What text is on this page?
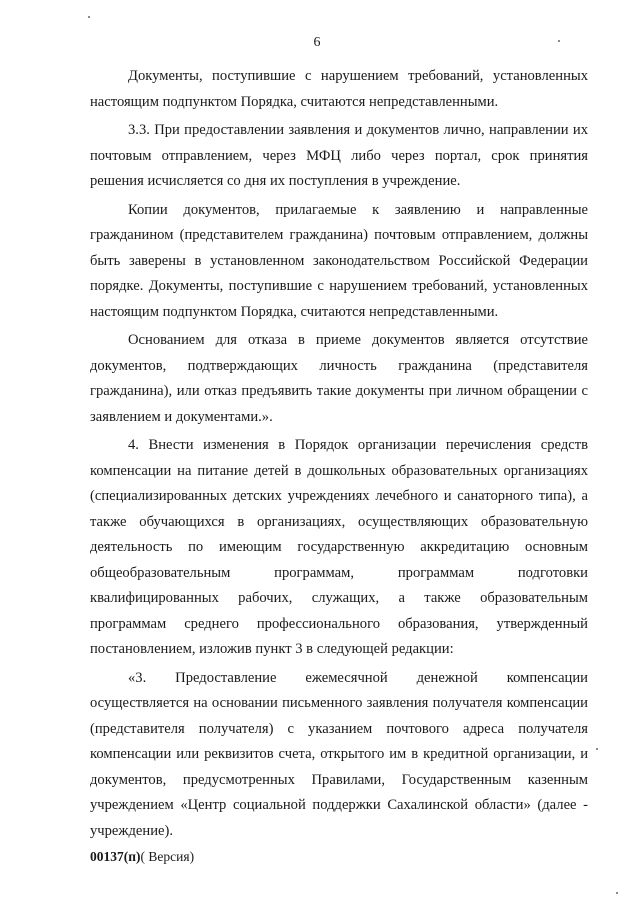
6

Документы, поступившие с нарушением требований, установленных настоящим подпунктом Порядка, считаются непредставленными.

3.3. При предоставлении заявления и документов лично, направлении их почтовым отправлением, через МФЦ либо через портал, срок принятия решения исчисляется со дня их поступления в учреждение.

Копии документов, прилагаемые к заявлению и направленные гражданином (представителем гражданина) почтовым отправлением, должны быть заверены в установленном законодательством Российской Федерации порядке. Документы, поступившие с нарушением требований, установленных настоящим подпунктом Порядка, считаются непредставленными.

Основанием для отказа в приеме документов является отсутствие документов, подтверждающих личность гражданина (представителя гражданина), или отказ предъявить такие документы при личном обращении с заявлением и документами.».

4. Внести изменения в Порядок организации перечисления средств компенсации на питание детей в дошкольных образовательных организациях (специализированных детских учреждениях лечебного и санаторного типа), а также обучающихся в организациях, осуществляющих образовательную деятельность по имеющим государственную аккредитацию основным общеобразовательным программам, программам подготовки квалифицированных рабочих, служащих, а также образовательным программам среднего профессионального образования, утвержденный постановлением, изложив пункт 3 в следующей редакции:

«3. Предоставление ежемесячной денежной компенсации осуществляется на основании письменного заявления получателя компенсации (представителя получателя) с указанием почтового адреса получателя компенсации или реквизитов счета, открытого им в кредитной организации, и документов, предусмотренных Правилами, Государственным казенным учреждением «Центр социальной поддержки Сахалинской области» (далее - учреждение).

00137(п)( Версия)
